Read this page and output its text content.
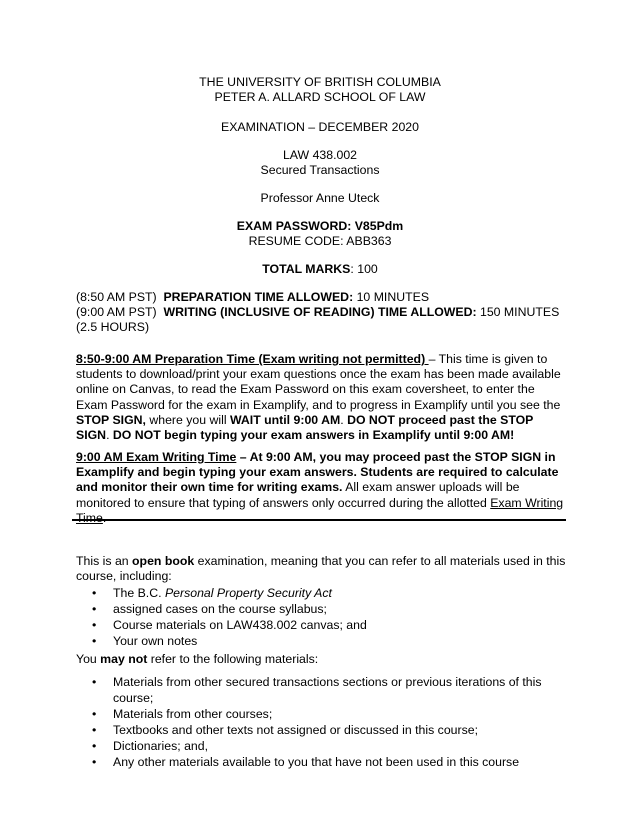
THE UNIVERSITY OF BRITISH COLUMBIA
PETER A. ALLARD SCHOOL OF LAW
EXAMINATION – DECEMBER 2020
LAW 438.002
Secured Transactions
Professor Anne Uteck
EXAM PASSWORD: V85Pdm
RESUME CODE: ABB363
TOTAL MARKS: 100
(8:50 AM PST) PREPARATION TIME ALLOWED: 10 MINUTES
(9:00 AM PST) WRITING (INCLUSIVE OF READING) TIME ALLOWED: 150 MINUTES (2.5 HOURS)
8:50-9:00 AM Preparation Time (Exam writing not permitted) – This time is given to students to download/print your exam questions once the exam has been made available online on Canvas, to read the Exam Password on this exam coversheet, to enter the Exam Password for the exam in Examplify, and to progress in Examplify until you see the STOP SIGN, where you will WAIT until 9:00 AM. DO NOT proceed past the STOP SIGN. DO NOT begin typing your exam answers in Examplify until 9:00 AM!
9:00 AM Exam Writing Time – At 9:00 AM, you may proceed past the STOP SIGN in Examplify and begin typing your exam answers. Students are required to calculate and monitor their own time for writing exams. All exam answer uploads will be monitored to ensure that typing of answers only occurred during the allotted Exam Writing Time.
This is an open book examination, meaning that you can refer to all materials used in this course, including:
• The B.C. Personal Property Security Act
• assigned cases on the course syllabus;
• Course materials on LAW438.002 canvas; and
• Your own notes
You may not refer to the following materials:
• Materials from other secured transactions sections or previous iterations of this course;
• Materials from other courses;
• Textbooks and other texts not assigned or discussed in this course;
• Dictionaries; and,
• Any other materials available to you that have not been used in this course
